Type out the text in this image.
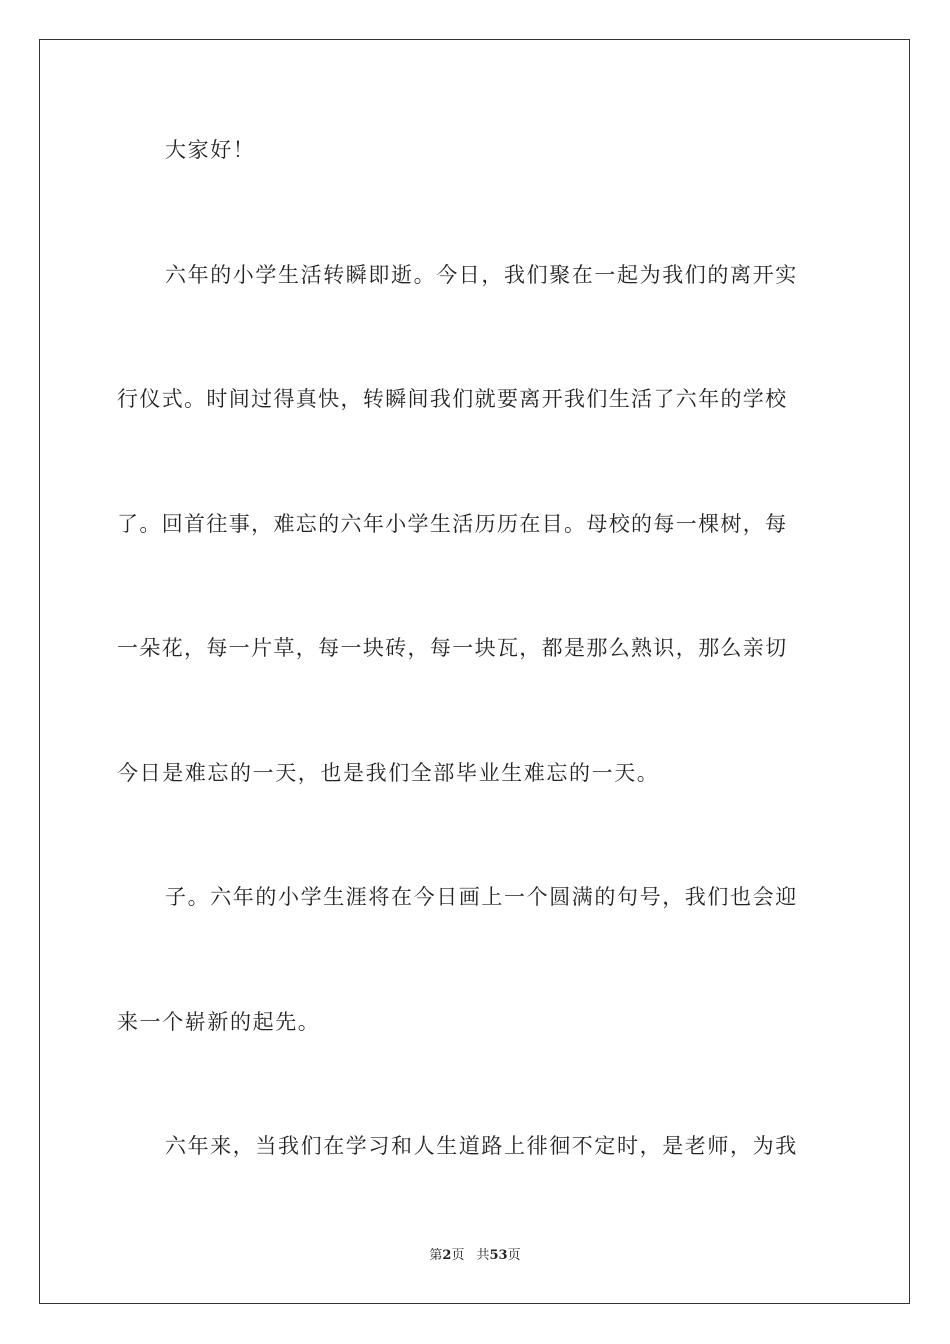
大家好！
六年的小学生活转瞬即逝。今日，我们聚在一起为我们的离开实
行仪式。时间过得真快，转瞬间我们就要离开我们生活了六年的学校
了。回首往事，难忘的六年小学生活历历在目。母校的每一棵树，每
一朵花，每一片草，每一块砖，每一块瓦，都是那么熟识，那么亲切
今日是难忘的一天，也是我们全部毕业生难忘的一天。
子。六年的小学生涯将在今日画上一个圆满的句号，我们也会迎
来一个崭新的起先。
六年来，当我们在学习和人生道路上徘徊不定时，是老师，为我
第2页 共53页
